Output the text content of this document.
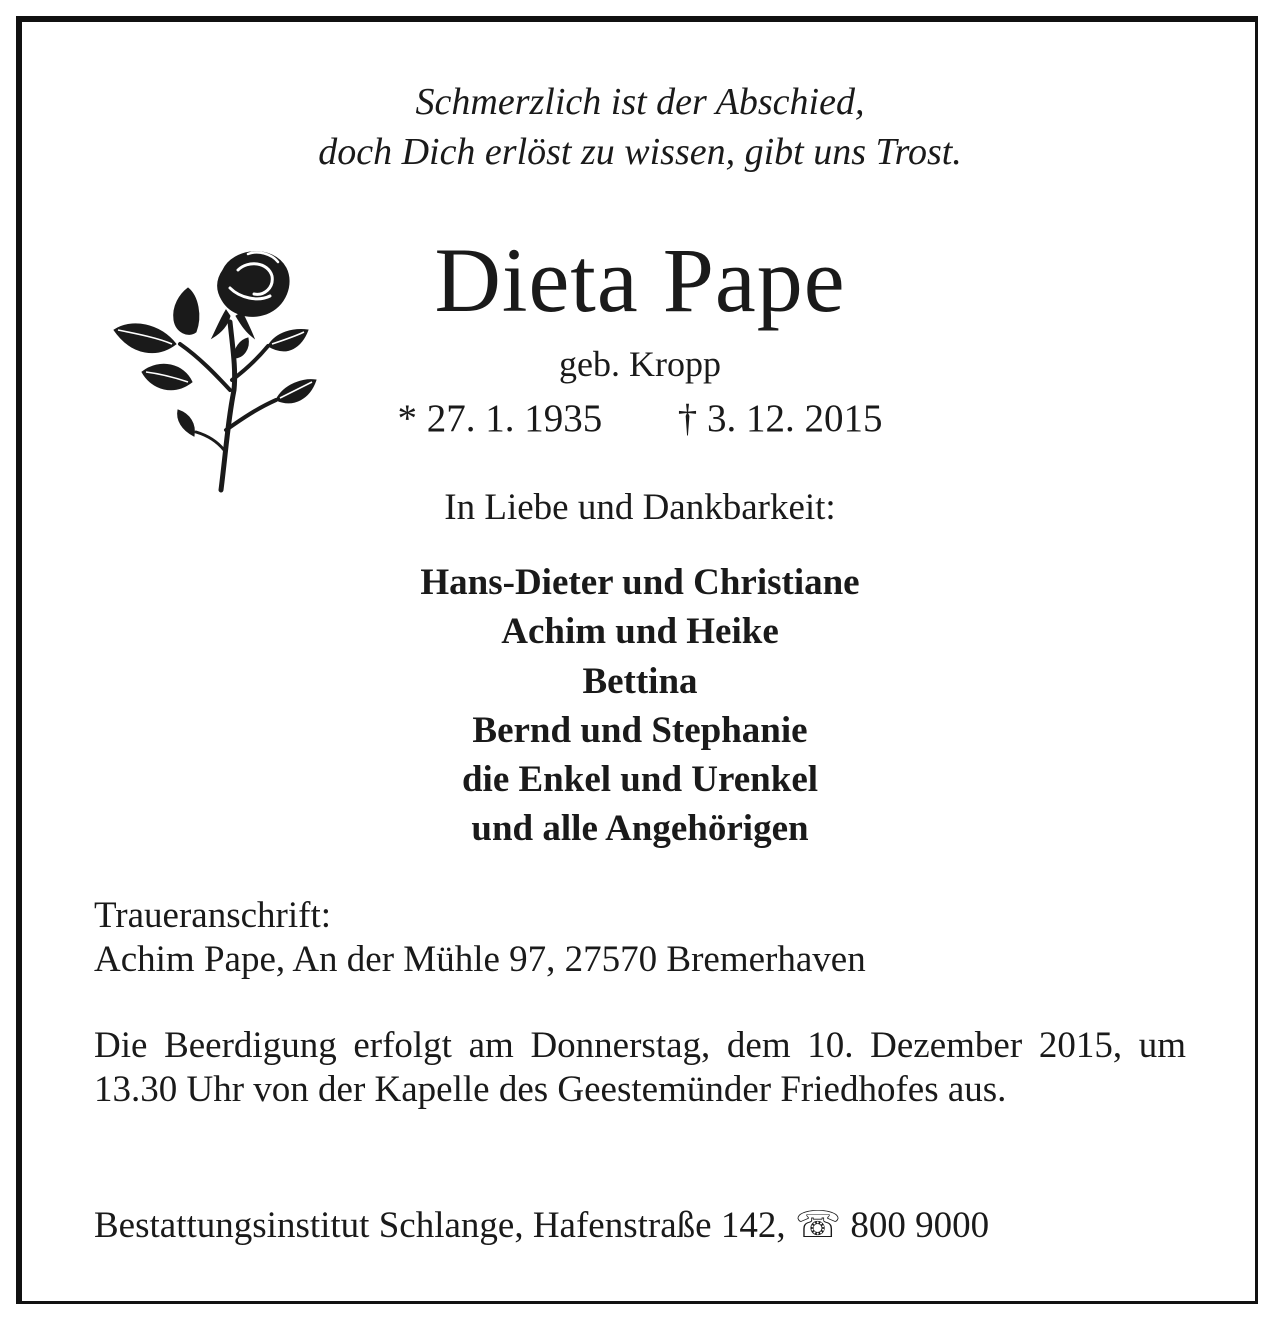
Schmerzlich ist der Abschied,
doch Dich erlöst zu wissen, gibt uns Trost.
Dieta Pape
geb. Kropp
* 27. 1. 1935 † 3. 12. 2015
In Liebe und Dankbarkeit:
Hans-Dieter und Christiane
Achim und Heike
Bettina
Bernd und Stephanie
die Enkel und Urenkel
und alle Angehörigen
Traueranschrift:
Achim Pape, An der Mühle 97, 27570 Bremerhaven
Die Beerdigung erfolgt am Donnerstag, dem 10. Dezember 2015, um 13.30 Uhr von der Kapelle des Geestemünder Friedhofes aus.
Bestattungsinstitut Schlange, Hafenstraße 142, ☏ 800 9000
